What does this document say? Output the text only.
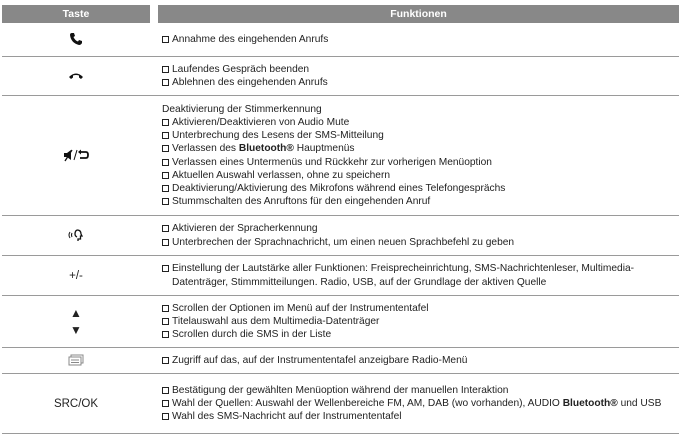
Taste	Funktionen
Annahme des eingehenden Anrufs
Laufendes Gespräch beenden
Ablehnen des eingehenden Anrufs
Deaktivierung der Stimmerkennung
Aktivieren/Deaktivieren von Audio Mute
Unterbrechung des Lesens der SMS-Mitteilung
Verlassen des Bluetooth® Hauptmenüs
Verlassen eines Untermenüs und Rückkehr zur vorherigen Menüoption
Aktuellen Auswahl verlassen, ohne zu speichern
Deaktivierung/Aktivierung des Mikrofons während eines Telefongesprächs
Stummschalten des Anruftons für den eingehenden Anruf
Aktivieren der Spracherkennung
Unterbrechen der Sprachnachricht, um einen neuen Sprachbefehl zu geben
+/-
Einstellung der Lautstärke aller Funktionen: Freisprecheinrichtung, SMS-Nachrichtenleser, Multimedia-Datenträger, Stimmmitteilungen. Radio, USB, auf der Grundlage der aktiven Quelle
▲
▼
Scrollen der Optionen im Menü auf der Instrumententafel
Titelauswahl aus dem Multimedia-Datenträger
Scrollen durch die SMS in der Liste
Zugriff auf das, auf der Instrumententafel anzeigbare Radio-Menü
SRC/OK
Bestätigung der gewählten Menüoption während der manuellen Interaktion
Wahl der Quellen: Auswahl der Wellenbereiche FM, AM, DAB (wo vorhanden), AUDIO Bluetooth® und USB
Wahl des SMS-Nachricht auf der Instrumententafel
